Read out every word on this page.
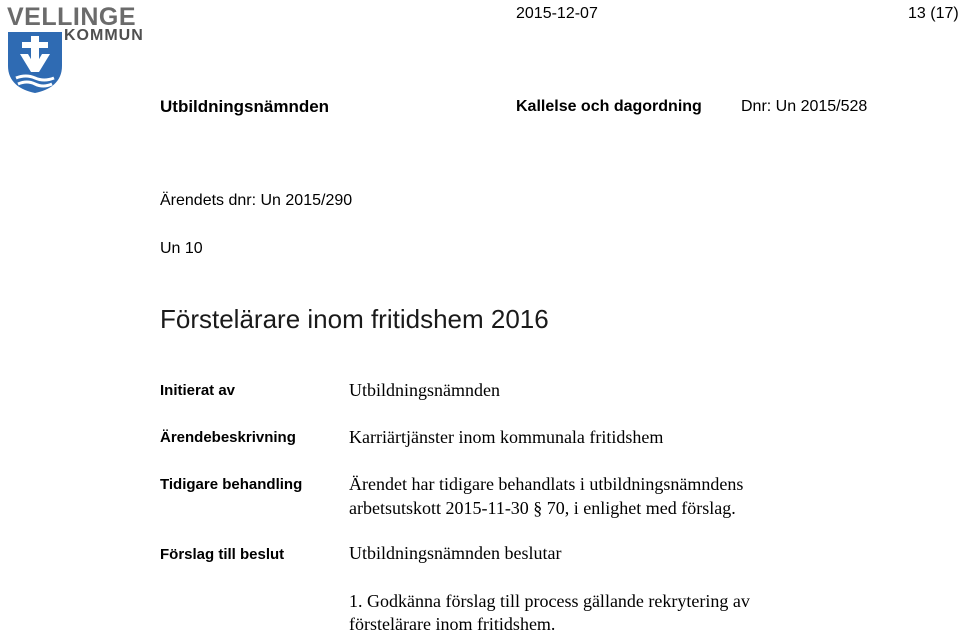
VELLINGE
KOMMUN
2015-12-07	13 (17)
Utbildningsnämnden	Kallelse och dagordning Dnr: Un 2015/528
Ärendets dnr: Un 2015/290
Un 10
Förstelärare inom fritidshem 2016
Initierat av	Utbildningsnämnden
Ärendebeskrivning	Karriärtjänster inom kommunala fritidshem
Tidigare behandling	Ärendet har tidigare behandlats i utbildningsnämndens
arbetsutskott 2015-11-30 § 70, i enlighet med förslag.
Förslag till beslut	Utbildningsnämnden beslutar
1. Godkänna förslag till process gällande rekrytering av
förstelärare inom fritidshem.
